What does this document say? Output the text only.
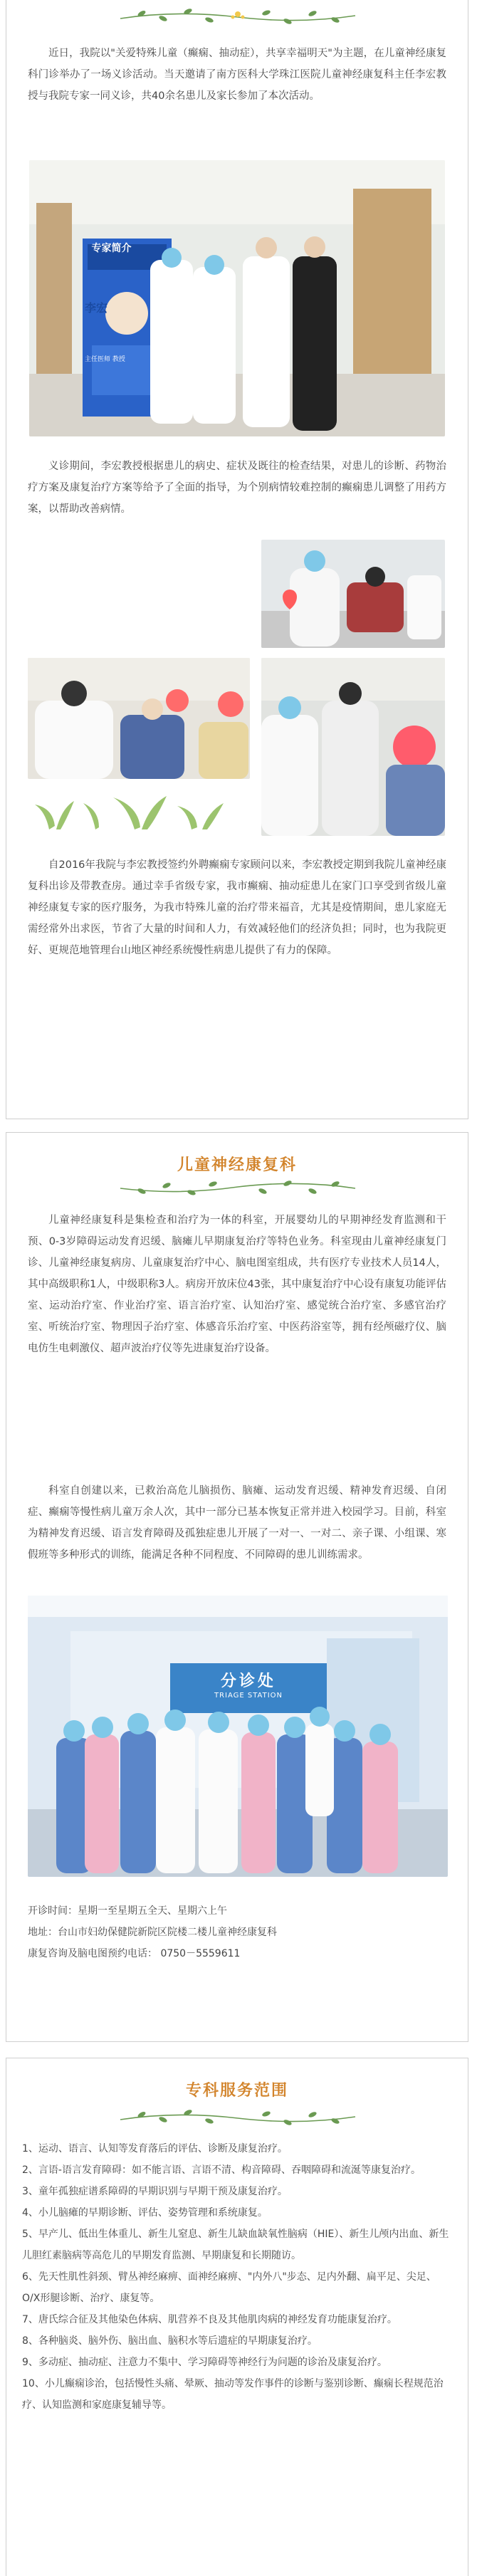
近日，我院以"关爱特殊儿童（癫痫、抽动症），共享幸福明天"为主题，在儿童神经康复科门诊举办了一场义诊活动。当天邀请了南方医科大学珠江医院儿童神经康复科主任李宏教授与我院专家一同义诊，共40余名患儿及家长参加了本次活动。

专家简介
李宏
主任医师 教授

义诊期间，李宏教授根据患儿的病史、症状及既往的检查结果，对患儿的诊断、药物治疗方案及康复治疗方案等给予了全面的指导，为个别病情较难控制的癫痫患儿调整了用药方案，以帮助改善病情。

自2016年我院与李宏教授签约外聘癫痫专家顾问以来，李宏教授定期到我院儿童神经康复科出诊及带教查房。通过幸手省级专家，我市癫痫、抽动症患儿在家门口享受到省级儿童神经康复专家的医疗服务，为我市特殊儿童的治疗带来福音，尤其是疫情期间，患儿家庭无需经常外出求医，节省了大量的时间和人力，有效减轻他们的经济负担；同时，也为我院更好、更规范地管理台山地区神经系统慢性病患儿提供了有力的保障。

儿童神经康复科

儿童神经康复科是集检查和治疗为一体的科室，开展婴幼儿的早期神经发育监测和干预、0-3岁障碍运动发育迟缓、脑瘫儿早期康复治疗等特色业务。科室现由儿童神经康复门诊、儿童神经康复病房、儿童康复治疗中心、脑电图室组成，共有医疗专业技术人员14人，其中高级职称1人，中级职称3人。病房开放床位43张，其中康复治疗中心设有康复功能评估室、运动治疗室、作业治疗室、语言治疗室、认知治疗室、感觉统合治疗室、多感官治疗室、听统治疗室、物理因子治疗室、体感音乐治疗室、中医药浴室等，拥有经颅磁疗仪、脑电仿生电刺激仪、超声波治疗仪等先进康复治疗设备。

科室自创建以来，已救治高危儿脑损伤、脑瘫、运动发育迟缓、精神发育迟缓、自闭症、癫痫等慢性病儿童万余人次，其中一部分已基本恢复正常并进入校园学习。目前，科室为精神发育迟缓、语言发育障碍及孤独症患儿开展了一对一、一对二、亲子课、小组课、寒假班等多种形式的训练，能满足各种不同程度、不同障碍的患儿训练需求。

分诊处
TRIAGE STATION
开诊时间：星期一至星期五全天、星期六上午
地址：台山市妇幼保健院新院区院楼二楼儿童神经康复科
康复咨询及脑电图预约电话： 0750－5559611
专科服务范围

1、运动、语言、认知等发育落后的评估、诊断及康复治疗。

2、言语-语言发育障碍：如不能言语、言语不清、构音障碍、吞咽障碍和流涎等康复治疗。

3、童年孤独症谱系障碍的早期识别与早期干预及康复治疗。

4、小儿脑瘫的早期诊断、评估、姿势管理和系统康复。

5、早产儿、低出生体重儿、新生儿窒息、新生儿缺血缺氧性脑病（HIE）、新生儿颅内出血、新生儿胆红素脑病等高危儿的早期发育监测、早期康复和长期随访。

6、先天性肌性斜颈、臂丛神经麻痹、面神经麻痹、"内外八"步态、足内外翻、扁平足、尖足、O/X形腿诊断、治疗、康复等。

7、唐氏综合征及其他染色体病、肌营养不良及其他肌肉病的神经发育功能康复治疗。

8、各种脑炎、脑外伤、脑出血、脑积水等后遗症的早期康复治疗。

9、多动症、抽动症、注意力不集中、学习障碍等神经行为问题的诊治及康复治疗。

10、小儿癫痫诊治，包括慢性头痛、晕厥、抽动等发作事件的诊断与鉴别诊断、癫痫长程规范治疗、认知监测和家庭康复辅导等。
